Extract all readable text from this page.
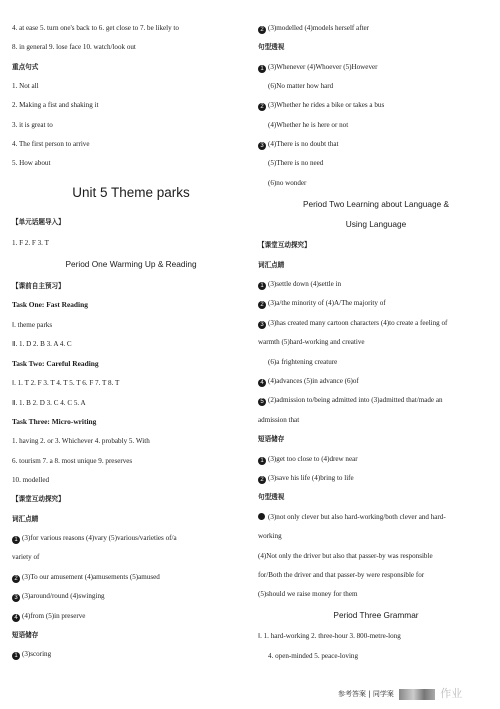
4. at ease 5. turn one's back to 6. get close to 7. be likely to
8. in general 9. lose face 10. watch/look out
重点句式
1. Not all
2. Making a fist and shaking it
3. it is great to
4. The first person to arrive
5. How about
Unit 5 Theme parks
【单元话题导入】
1. F 2. F 3. T
Period One Warming Up & Reading
【课前自主预习】
Task One: Fast Reading
Ⅰ. theme parks
Ⅱ. 1. D 2. B 3. A 4. C
Task Two: Careful Reading
Ⅰ. 1. T 2. F 3. T 4. T 5. T 6. F 7. T 8. T
Ⅱ. 1. B 2. D 3. C 4. C 5. A
Task Three: Micro-writing
1. having 2. or 3. Whichever 4. probably 5. With
6. tourism 7. a 8. most unique 9. preserves
10. modelled
【课堂互动探究】
词汇点睛
1 (3)for various reasons (4)vary (5)various/varieties of/a
variety of
2 (3)To our amusement (4)amusements (5)amused
3 (3)around/round (4)swinging
4 (4)from (5)in preserve
短语储存
1 (3)scoring
2 (3)modelled (4)models herself after
句型透视
1 (3)Whenever (4)Whoever (5)However
(6)No matter how hard
2 (3)Whether he rides a bike or takes a bus
(4)Whether he is here or not
3 (4)There is no doubt that
(5)There is no need
(6)no wonder
Period Two Learning about Language &
Using Language
【课堂互动探究】
词汇点睛
1 (3)settle down (4)settle in
2 (3)a/the minority of (4)A/The majority of
3 (3)has created many cartoon characters (4)to create a feeling of
warmth (5)hard-working and creative
(6)a frightening creature
4 (4)advances (5)in advance (6)of
5 (2)admission to/being admitted into (3)admitted that/made an
admission that
短语储存
1 (3)get too close to (4)drew near
2 (3)save his life (4)bring to life
句型透视
(3)not only clever but also hard-working/both clever and hard-
working
(4)Not only the driver but also that passer-by was responsible
for/Both the driver and that passer-by were responsible for
(5)should we raise money for them
Period Three Grammar
Ⅰ. 1. hard-working 2. three-hour 3. 800-metre-long
4. open-minded 5. peace-loving
参考答案 | 同学案	作业
